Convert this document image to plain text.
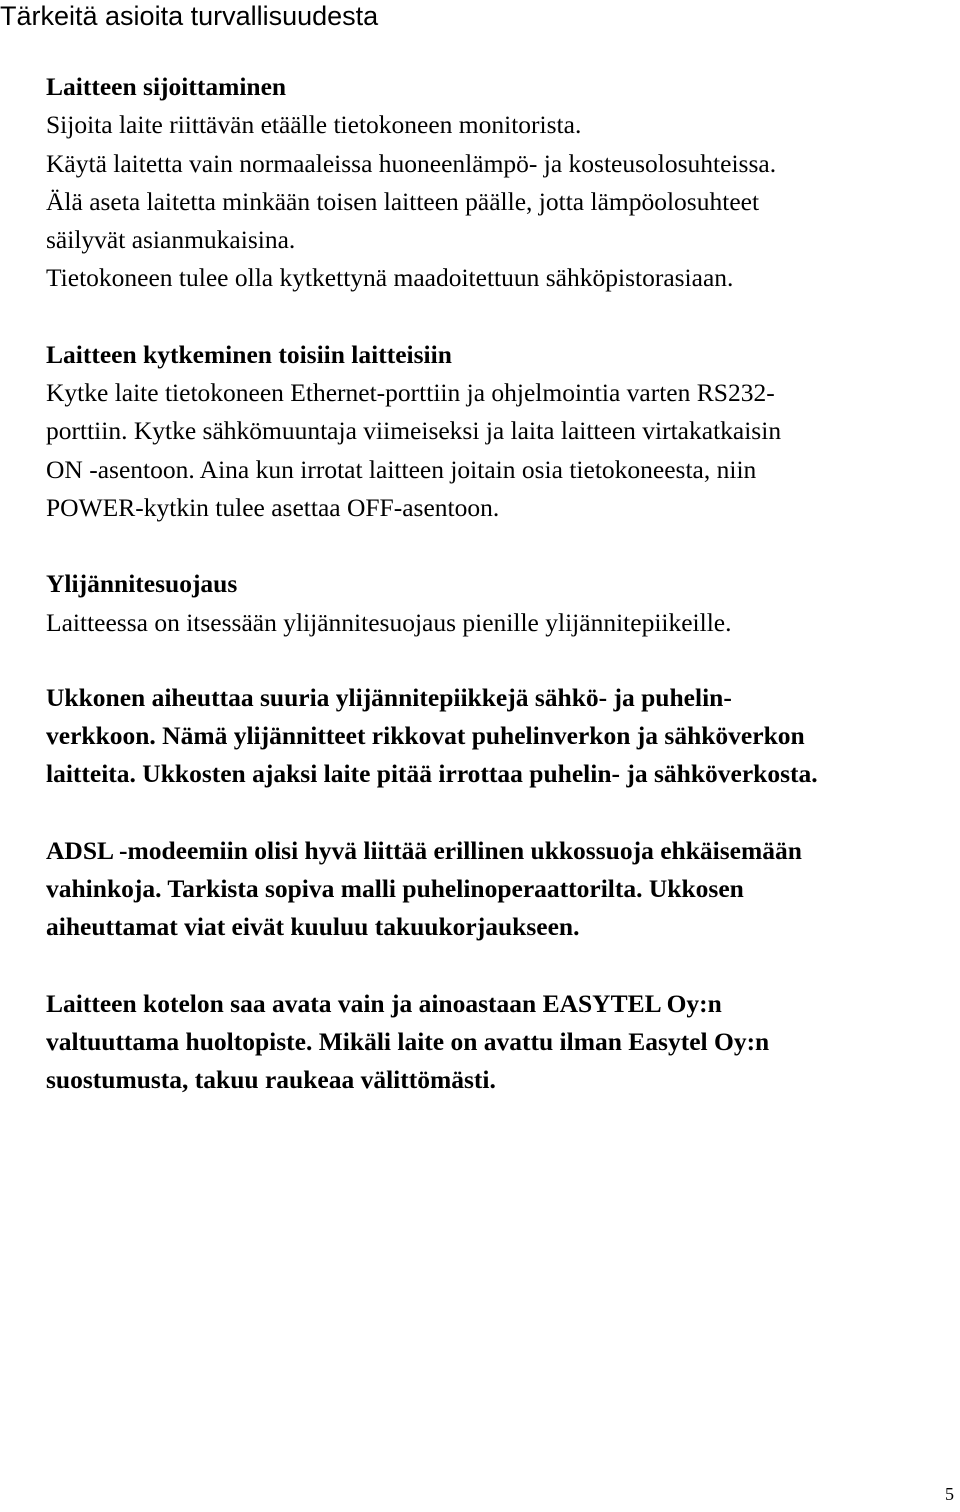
Tärkeitä asioita turvallisuudesta
Laitteen sijoittaminen
Sijoita laite riittävän etäälle tietokoneen monitorista.
Käytä laitetta vain normaaleissa huoneenlämpö- ja kosteusolosuhteissa.
Älä aseta laitetta minkään toisen laitteen päälle, jotta lämpöolosuhteet
säilyvät asianmukaisina.
Tietokoneen tulee olla kytkettynä maadoitettuun sähköpistorasiaan.
Laitteen kytkeminen toisiin laitteisiin
Kytke laite tietokoneen Ethernet-porttiin ja ohjelmointia varten RS232-
porttiin. Kytke sähkömuuntaja viimeiseksi ja laita laitteen virtakatkaisin
ON -asentoon. Aina kun irrotat laitteen joitain osia tietokoneesta, niin
POWER-kytkin tulee asettaa OFF-asentoon.
Ylijännitesuojaus
Laitteessa on itsessään ylijännitesuojaus pienille ylijännitepiikeille.
Ukkonen aiheuttaa suuria ylijännitepiikkejä sähkö- ja puhelin-
verkkoon. Nämä ylijännitteet rikkovat puhelinverkon ja sähköverkon
laitteita. Ukkosten ajaksi laite pitää irrottaa puhelin- ja sähköverkosta.
ADSL -modeemiin olisi hyvä liittää erillinen ukkossuoja ehkäisemään
vahinkoja. Tarkista sopiva malli puhelinoperaattorilta. Ukkosen
aiheuttamat viat eivät kuuluu takuukorjaukseen.
Laitteen kotelon saa avata vain ja ainoastaan EASYTEL Oy:n
valtuuttama huoltopiste. Mikäli laite on avattu ilman Easytel Oy:n
suostumusta, takuu raukeaa välittömästi.
5
